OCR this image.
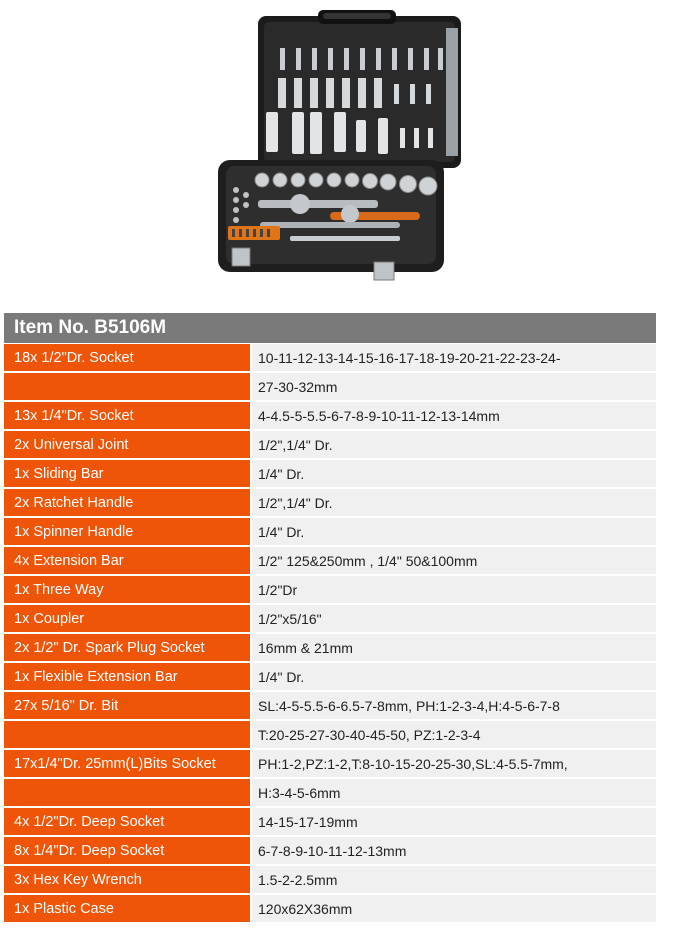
Item No. B5106M
18x 1/2"Dr. Socket	10-11-12-13-14-15-16-17-18-19-20-21-22-23-24-
27-30-32mm
13x 1/4"Dr. Socket	4-4.5-5-5.5-6-7-8-9-10-11-12-13-14mm
2x Universal Joint	1/2",1/4" Dr.
1x Sliding Bar	1/4" Dr.
2x Ratchet Handle	1/2",1/4" Dr.
1x Spinner Handle	1/4" Dr.
4x Extension Bar	1/2" 125&250mm , 1/4" 50&100mm
1x Three Way	1/2"Dr
1x Coupler	1/2"x5/16"
2x 1/2" Dr. Spark Plug Socket	16mm & 21mm
1x Flexible Extension Bar	1/4" Dr.
27x 5/16" Dr. Bit	SL:4-5-5.5-6-6.5-7-8mm, PH:1-2-3-4,H:4-5-6-7-8
T:20-25-27-30-40-45-50, PZ:1-2-3-4
17x1/4"Dr. 25mm(L)Bits Socket	PH:1-2,PZ:1-2,T:8-10-15-20-25-30,SL:4-5.5-7mm,
H:3-4-5-6mm
4x 1/2"Dr. Deep Socket	14-15-17-19mm
8x 1/4"Dr. Deep Socket	6-7-8-9-10-11-12-13mm
3x Hex Key Wrench	1.5-2-2.5mm
1x Plastic Case	120x62X36mm
